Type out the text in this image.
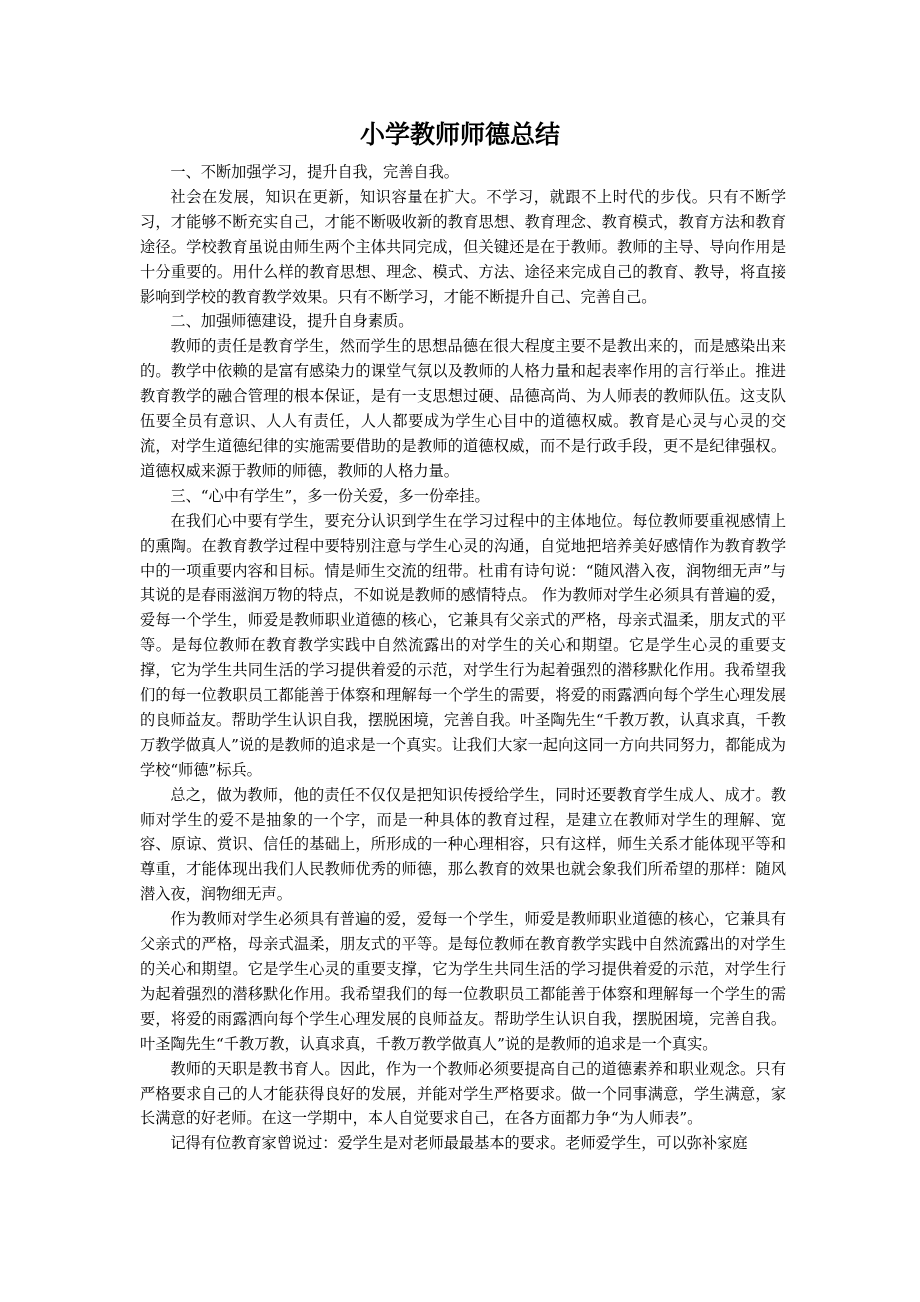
小学教师师德总结

一、不断加强学习，提升自我，完善自我。

社会在发展，知识在更新，知识容量在扩大。不学习，就跟不上时代的步伐。只有不断学习，才能够不断充实自己，才能不断吸收新的教育思想、教育理念、教育模式，教育方法和教育途径。学校教育虽说由师生两个主体共同完成，但关键还是在于教师。教师的主导、导向作用是十分重要的。用什么样的教育思想、理念、模式、方法、途径来完成自己的教育、教导，将直接影响到学校的教育教学效果。只有不断学习，才能不断提升自己、完善自己。

二、加强师德建设，提升自身素质。

教师的责任是教育学生，然而学生的思想品德在很大程度主要不是教出来的，而是感染出来的。教学中依赖的是富有感染力的课堂气氛以及教师的人格力量和起表率作用的言行举止。推进教育教学的融合管理的根本保证，是有一支思想过硬、品德高尚、为人师表的教师队伍。这支队伍要全员有意识、人人有责任，人人都要成为学生心目中的道德权威。教育是心灵与心灵的交流，对学生道德纪律的实施需要借助的是教师的道德权威，而不是行政手段，更不是纪律强权。道德权威来源于教师的师德，教师的人格力量。

三、“心中有学生”，多一份关爱，多一份牵挂。

在我们心中要有学生，要充分认识到学生在学习过程中的主体地位。每位教师要重视感情上的熏陶。在教育教学过程中要特别注意与学生心灵的沟通，自觉地把培养美好感情作为教育教学中的一项重要内容和目标。情是师生交流的纽带。杜甫有诗句说：“随风潜入夜，润物细无声”与其说的是春雨滋润万物的特点，不如说是教师的感情特点。 作为教师对学生必须具有普遍的爱，爱每一个学生，师爱是教师职业道德的核心，它兼具有父亲式的严格，母亲式温柔，朋友式的平等。是每位教师在教育教学实践中自然流露出的对学生的关心和期望。它是学生心灵的重要支撑，它为学生共同生活的学习提供着爱的示范，对学生行为起着强烈的潜移默化作用。我希望我们的每一位教职员工都能善于体察和理解每一个学生的需要，将爱的雨露洒向每个学生心理发展的良师益友。帮助学生认识自我，摆脱困境，完善自我。叶圣陶先生“千教万教，认真求真，千教万教学做真人”说的是教师的追求是一个真实。让我们大家一起向这同一方向共同努力，都能成为学校“师德”标兵。

总之，做为教师，他的责任不仅仅是把知识传授给学生，同时还要教育学生成人、成才。教师对学生的爱不是抽象的一个字，而是一种具体的教育过程，是建立在教师对学生的理解、宽容、原谅、赏识、信任的基础上，所形成的一种心理相容，只有这样，师生关系才能体现平等和尊重，才能体现出我们人民教师优秀的师德，那么教育的效果也就会象我们所希望的那样：随风潜入夜，润物细无声。

作为教师对学生必须具有普遍的爱，爱每一个学生，师爱是教师职业道德的核心，它兼具有父亲式的严格，母亲式温柔，朋友式的平等。是每位教师在教育教学实践中自然流露出的对学生的关心和期望。它是学生心灵的重要支撑，它为学生共同生活的学习提供着爱的示范，对学生行为起着强烈的潜移默化作用。我希望我们的每一位教职员工都能善于体察和理解每一个学生的需要，将爱的雨露洒向每个学生心理发展的良师益友。帮助学生认识自我，摆脱困境，完善自我。叶圣陶先生“千教万教，认真求真，千教万教学做真人”说的是教师的追求是一个真实。

教师的天职是教书育人。因此，作为一个教师必须要提高自己的道德素养和职业观念。只有严格要求自己的人才能获得良好的发展，并能对学生严格要求。做一个同事满意，学生满意，家长满意的好老师。在这一学期中，本人自觉要求自己，在各方面都力争“为人师表”。

记得有位教育家曾说过：爱学生是对老师最最基本的要求。老师爱学生，可以弥补家庭
